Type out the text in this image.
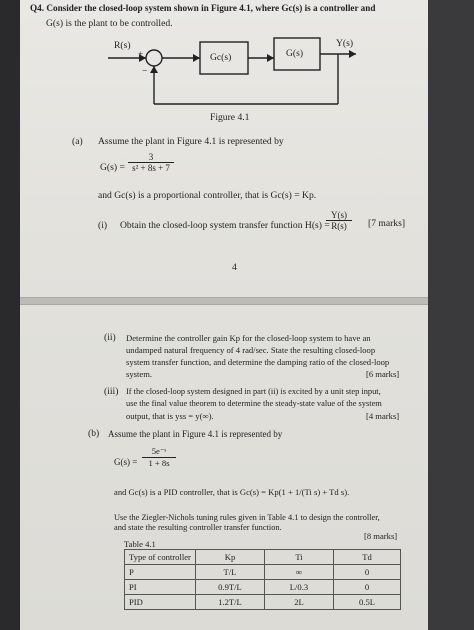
Q4. Consider the closed-loop system shown in Figure 4.1, where Gc(s) is a controller and
G(s) is the plant to be controlled.
R(s)
+
−
Gc(s)	G(s)
Y(s)
Figure 4.1
(a) Assume the plant in Figure 4.1 is represented by
$G(s) = \frac{3}{\text{s² + 8s + 7}}$
and Gc(s) is a proportional controller, that is Gc(s) = Kp.
(i) Obtain the closed-loop system transfer function H(s) =
$\frac{Y(s)}{R(s)} [7$ marks]
4
(ii) Determine the controller gain Kp for the closed-loop system to have an
undamped natural frequency of 4 rad/sec. State the resulting closed-loop
system transfer function, and determine the damping ratio of the closed-loop
system.	[6 marks]
(iii) If the closed-loop system designed in part (ii) is excited by a unit step input,
use the final value theorem to determine the steady-state value of the system
output, that is yss = y(∞).	[4 marks]
(b) Assume the plant in Figure 4.1 is represented by
$G(s) = \frac{\text{5e⁻ˢ}}{1 + 8s}$
and Gc(s) is a PID controller, that is Gc(s) = Kp(1 + 1/(Ti s) + Td s).
Use the Ziegler-Nichols tuning rules given in Table 4.1 to design the controller,
and state the resulting controller transfer function.
[8 marks]
Table 4.1
Type of controller	Kp	Ti	Td
P	T/L	∞	0
PI	0.9T/L	L/0.3	0
PID	1.2T/L	2L	0.5L
